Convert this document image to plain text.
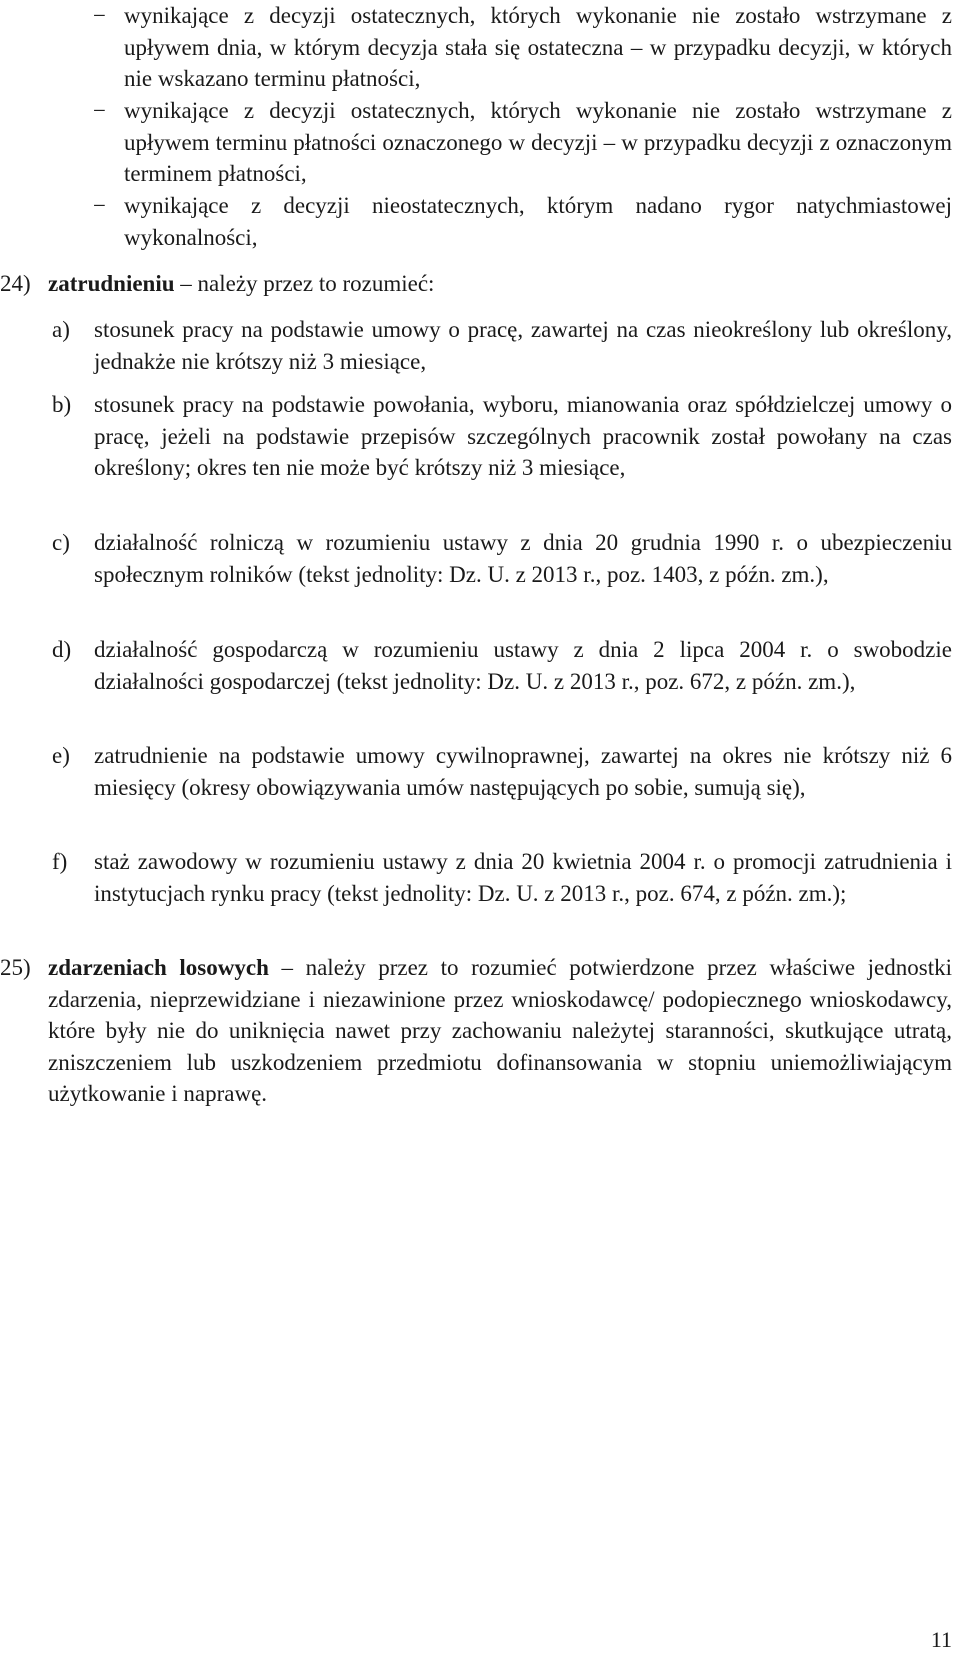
− wynikające z decyzji ostatecznych, których wykonanie nie zostało wstrzymane z upływem dnia, w którym decyzja stała się ostateczna – w przypadku decyzji, w których nie wskazano terminu płatności,
− wynikające z decyzji ostatecznych, których wykonanie nie zostało wstrzymane z upływem terminu płatności oznaczonego w decyzji – w przypadku decyzji z oznaczonym terminem płatności,
− wynikające z decyzji nieostatecznych, którym nadano rygor natychmiastowej wykonalności,
24) zatrudnieniu – należy przez to rozumieć:
a) stosunek pracy na podstawie umowy o pracę, zawartej na czas nieokreślony lub określony, jednakże nie krótszy niż 3 miesiące,
b) stosunek pracy na podstawie powołania, wyboru, mianowania oraz spółdzielczej umowy o pracę, jeżeli na podstawie przepisów szczególnych pracownik został powołany na czas określony; okres ten nie może być krótszy niż 3 miesiące,
c) działalność rolniczą w rozumieniu ustawy z dnia 20 grudnia 1990 r. o ubezpieczeniu społecznym rolników (tekst jednolity: Dz. U. z 2013 r., poz. 1403, z późn. zm.),
d) działalność gospodarczą w rozumieniu ustawy z dnia 2 lipca 2004 r. o swobodzie działalności gospodarczej (tekst jednolity: Dz. U. z 2013 r., poz. 672, z późn. zm.),
e) zatrudnienie na podstawie umowy cywilnoprawnej, zawartej na okres nie krótszy niż 6 miesięcy (okresy obowiązywania umów następujących po sobie, sumują się),
f) staż zawodowy w rozumieniu ustawy z dnia 20 kwietnia 2004 r. o promocji zatrudnienia i instytucjach rynku pracy (tekst jednolity: Dz. U. z 2013 r., poz. 674, z późn. zm.);
25) zdarzeniach losowych – należy przez to rozumieć potwierdzone przez właściwe jednostki zdarzenia, nieprzewidziane i niezawinione przez wnioskodawcę/ podopiecznego wnioskodawcy, które były nie do uniknięcia nawet przy zachowaniu należytej staranności, skutkujące utratą, zniszczeniem lub uszkodzeniem przedmiotu dofinansowania w stopniu uniemożliwiającym użytkowanie i naprawę.
11
